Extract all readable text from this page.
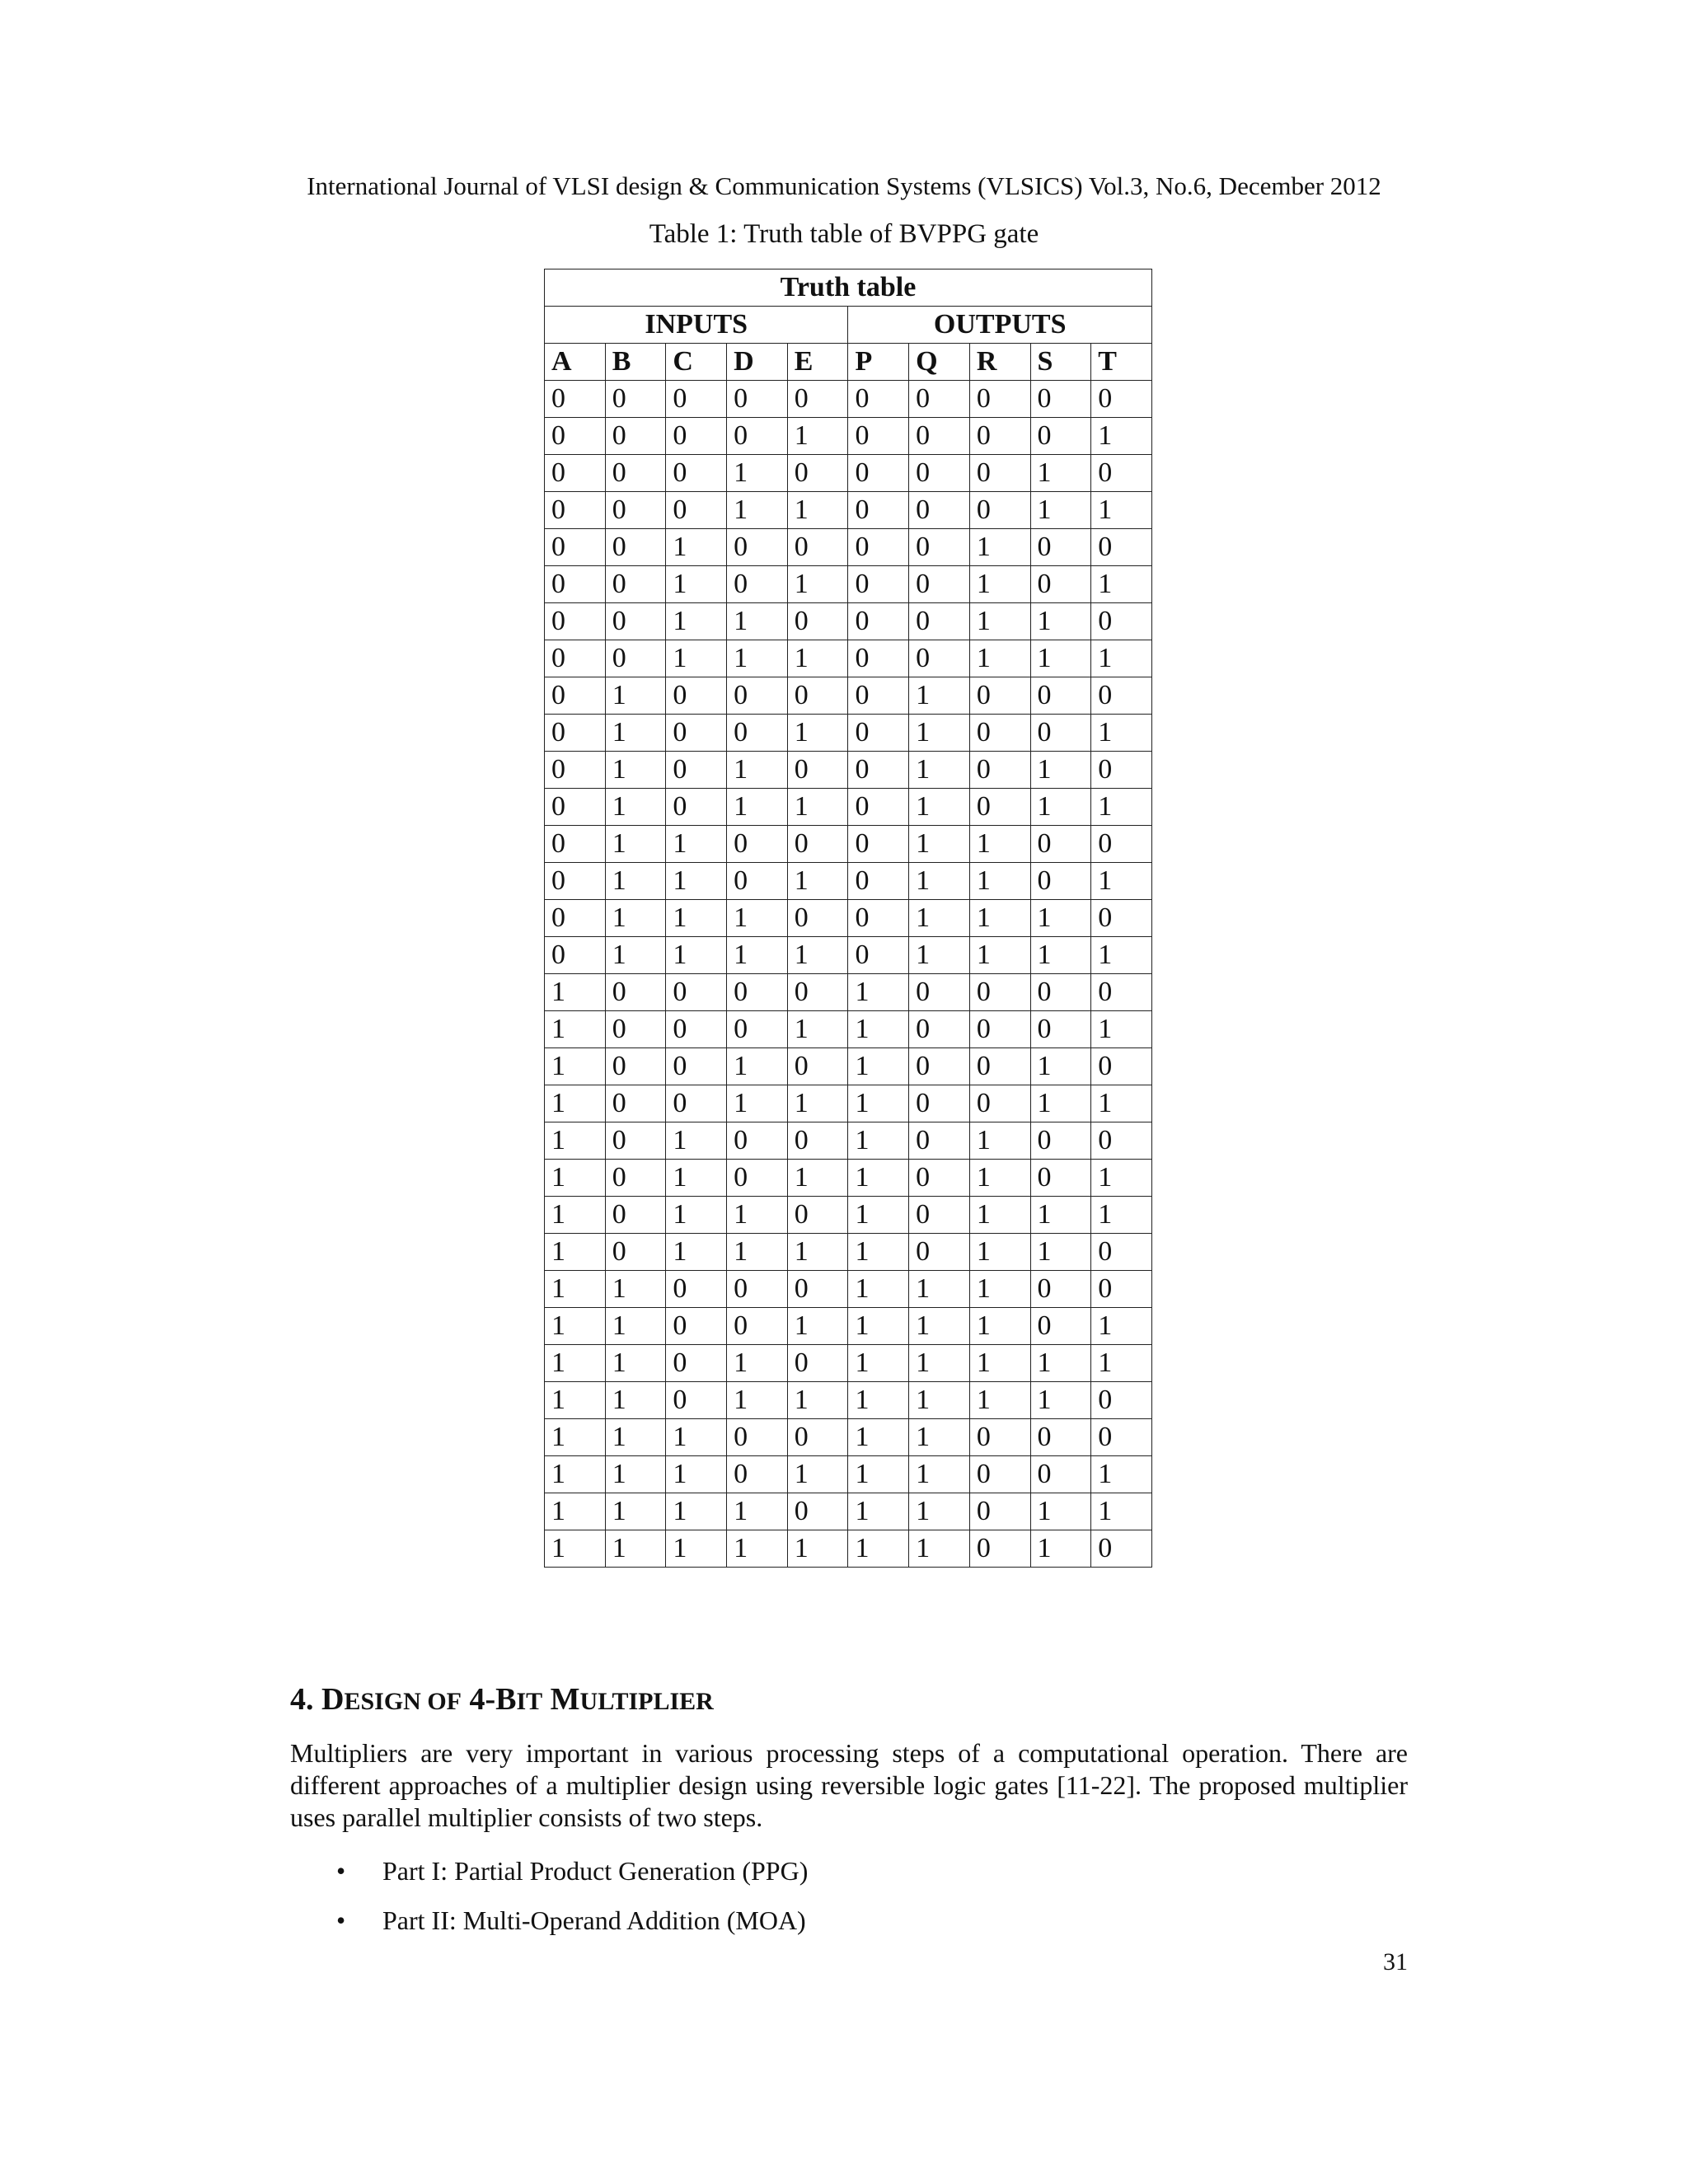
International Journal of VLSI design & Communication Systems (VLSICS) Vol.3, No.6, December 2012
Table 1: Truth table of BVPPG gate
Truth table									
INPUTS					OUTPUTS				
A	B	C	D	E	P	Q	R	S	T
0	0	0	0	0	0	0	0	0	0
0	0	0	0	1	0	0	0	0	1
0	0	0	1	0	0	0	0	1	0
0	0	0	1	1	0	0	0	1	1
0	0	1	0	0	0	0	1	0	0
0	0	1	0	1	0	0	1	0	1
0	0	1	1	0	0	0	1	1	0
0	0	1	1	1	0	0	1	1	1
0	1	0	0	0	0	1	0	0	0
0	1	0	0	1	0	1	0	0	1
0	1	0	1	0	0	1	0	1	0
0	1	0	1	1	0	1	0	1	1
0	1	1	0	0	0	1	1	0	0
0	1	1	0	1	0	1	1	0	1
0	1	1	1	0	0	1	1	1	0
0	1	1	1	1	0	1	1	1	1
1	0	0	0	0	1	0	0	0	0
1	0	0	0	1	1	0	0	0	1
1	0	0	1	0	1	0	0	1	0
1	0	0	1	1	1	0	0	1	1
1	0	1	0	0	1	0	1	0	0
1	0	1	0	1	1	0	1	0	1
1	0	1	1	0	1	0	1	1	1
1	0	1	1	1	1	0	1	1	0
1	1	0	0	0	1	1	1	0	0
1	1	0	0	1	1	1	1	0	1
1	1	0	1	0	1	1	1	1	1
1	1	0	1	1	1	1	1	1	0
1	1	1	0	0	1	1	0	0	0
1	1	1	0	1	1	1	0	0	1
1	1	1	1	0	1	1	0	1	1
1	1	1	1	1	1	1	0	1	0
4. DESIGN OF 4-BIT MULTIPLIER
Multipliers are very important in various processing steps of a computational operation. There are different approaches of a multiplier design using reversible logic gates [11-22]. The proposed multiplier uses parallel multiplier consists of two steps.
• Part I: Partial Product Generation (PPG)
• Part II: Multi-Operand Addition (MOA)
31
